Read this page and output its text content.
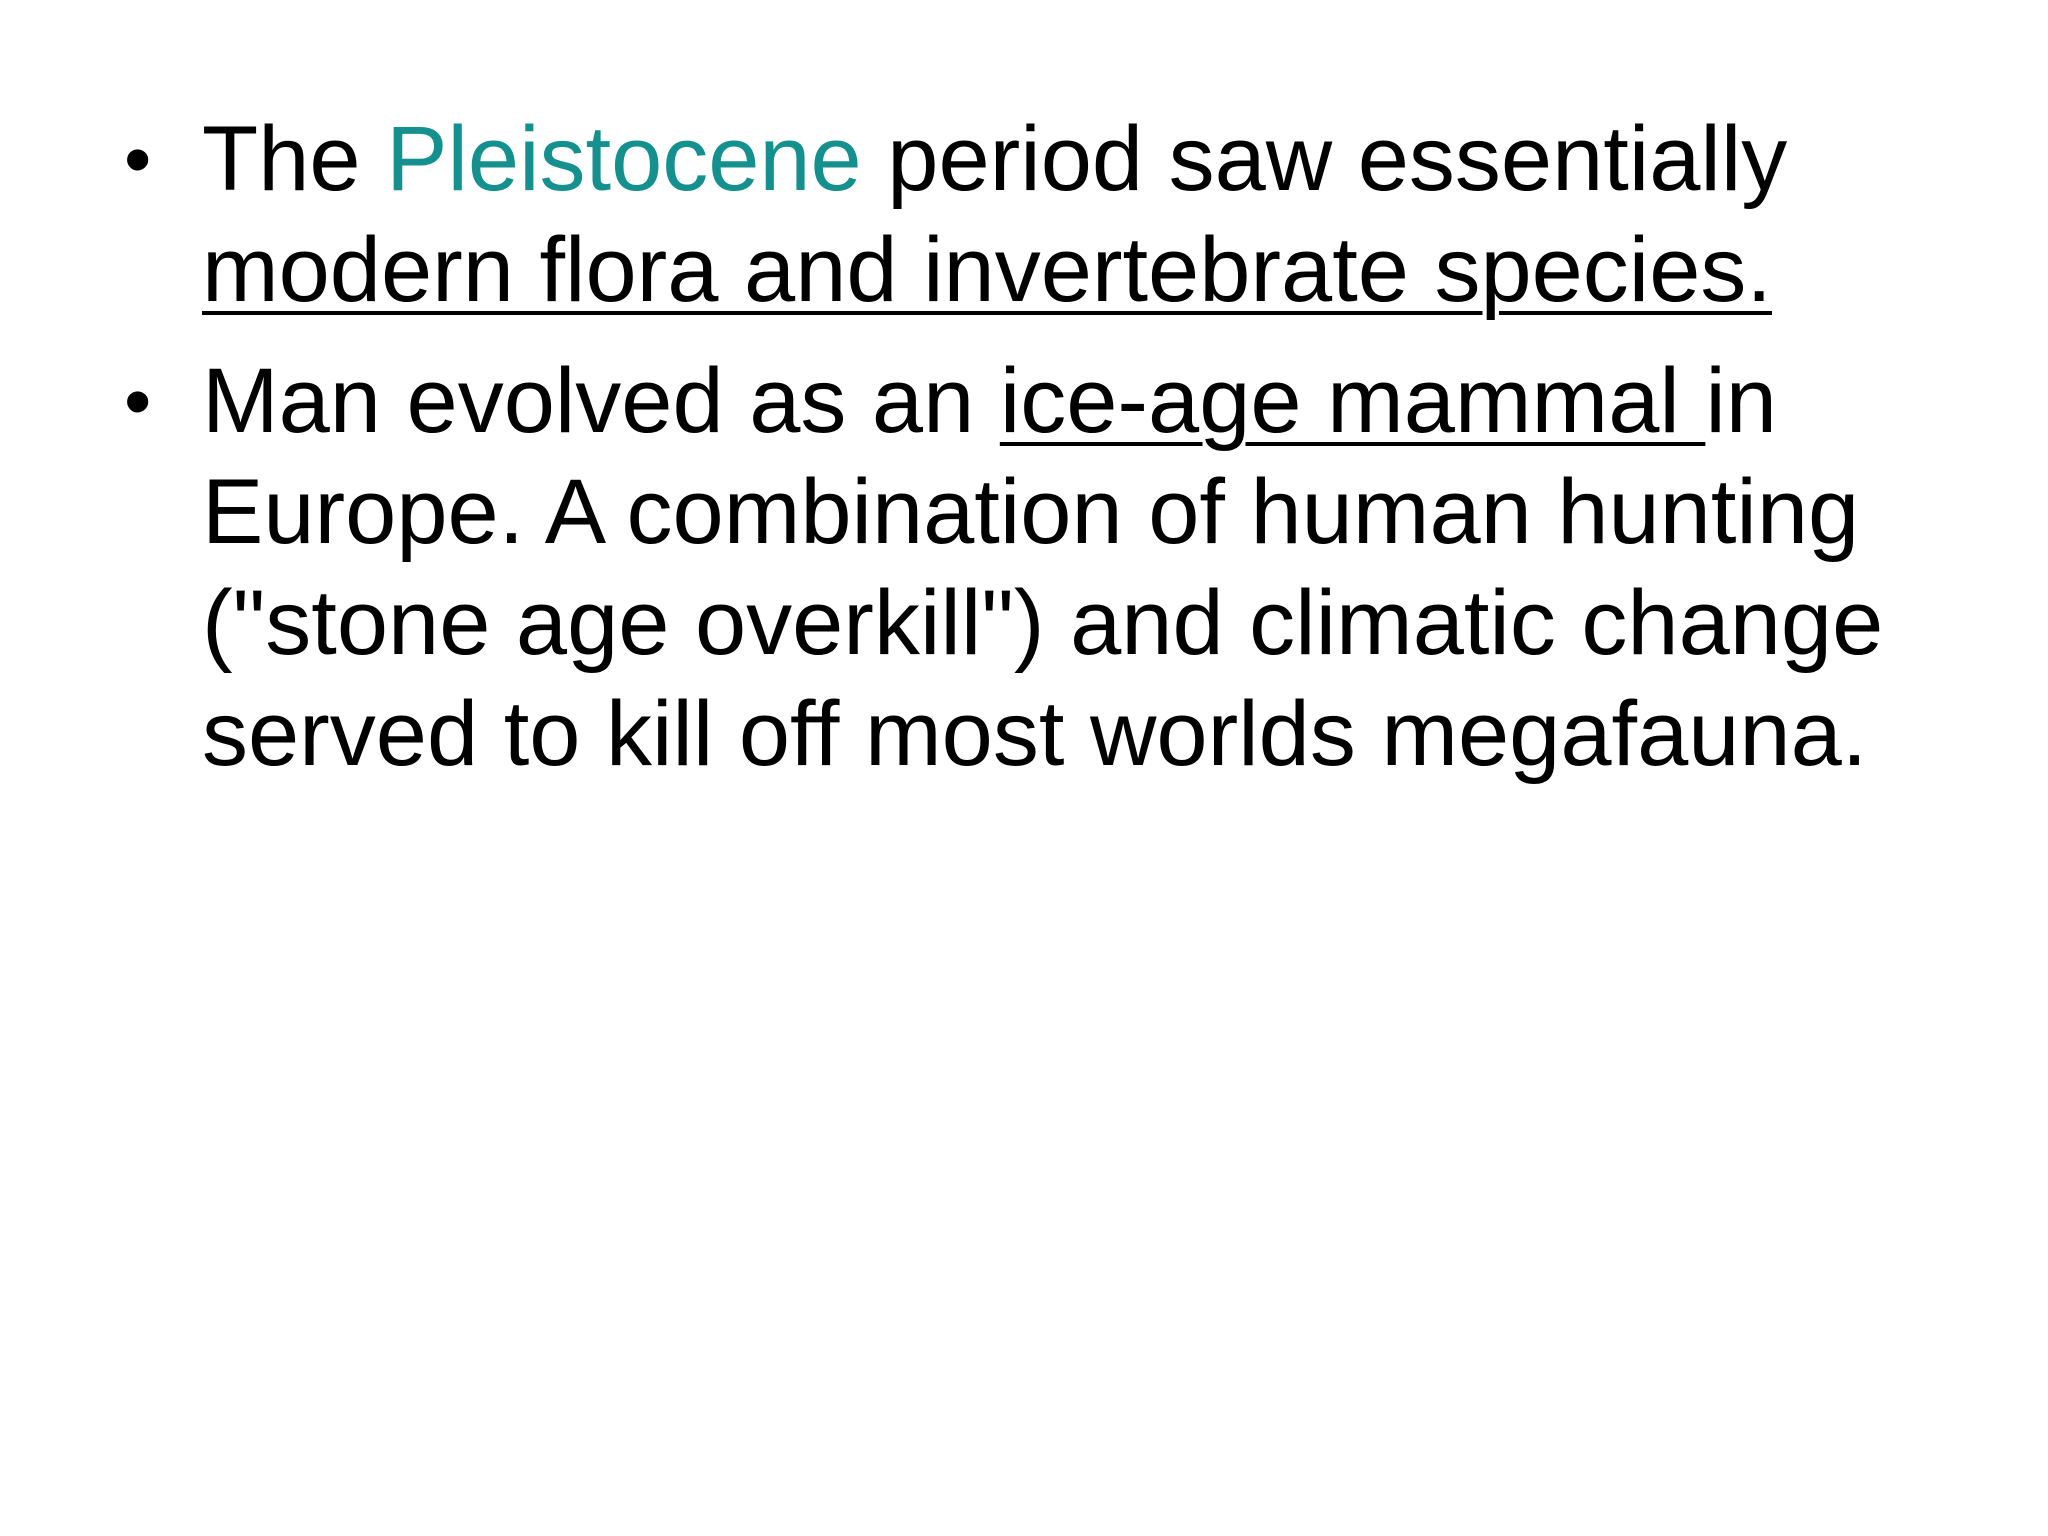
• The Pleistocene period saw essentially modern flora and invertebrate species.
• Man evolved as an ice-age mammal in Europe. A combination of human hunting ("stone age overkill") and climatic change served to kill off most worlds megafauna.
